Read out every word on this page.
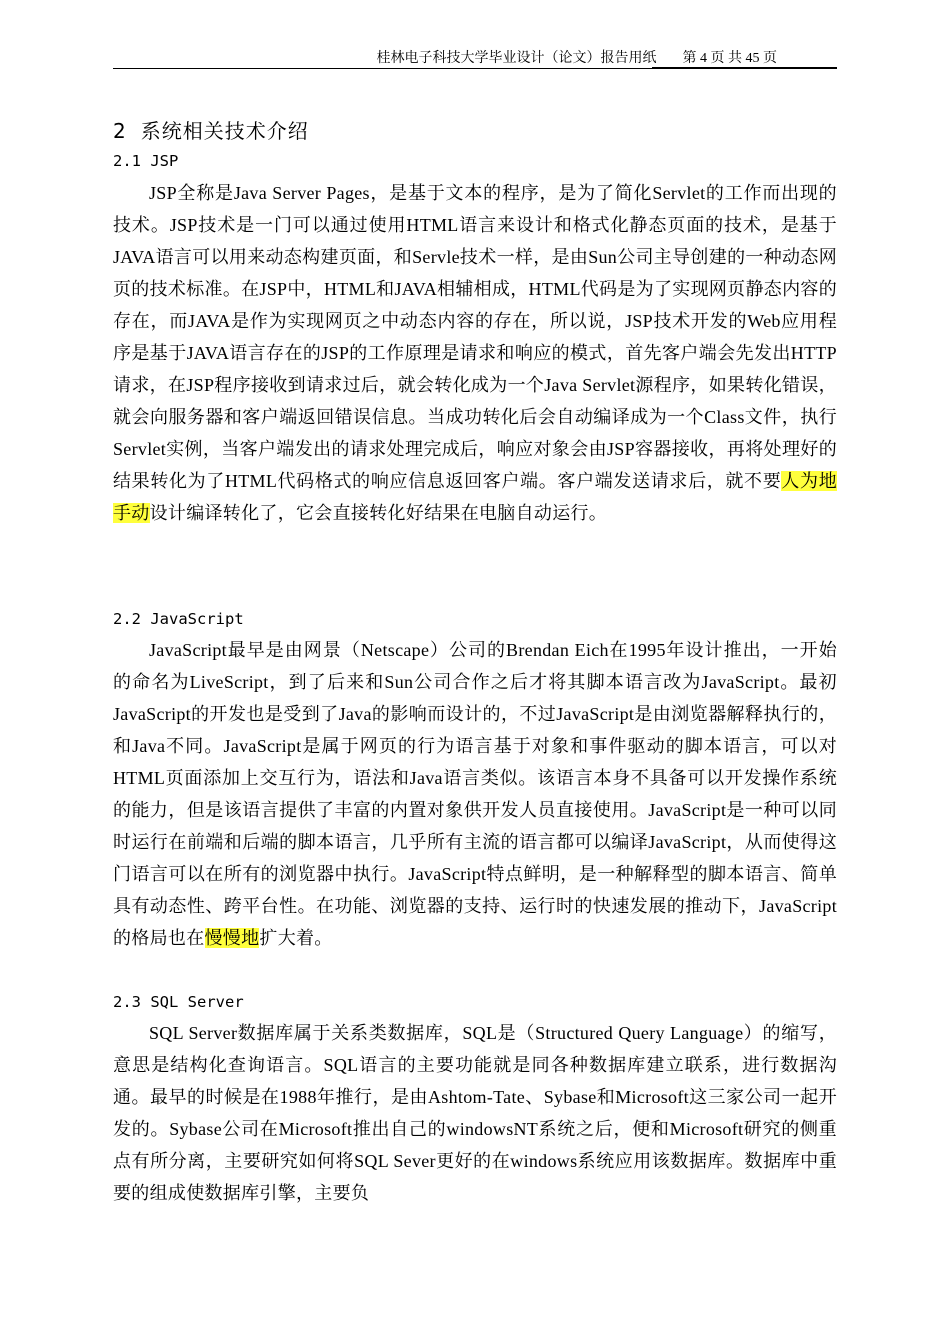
桂林电子科技大学毕业设计（论文）报告用纸 第 4 页 共 45 页
2 系统相关技术介绍
2.1 JSP
JSP全称是Java Server Pages，是基于文本的程序，是为了简化Servlet的工作而出现的技术。JSP技术是一门可以通过使用HTML语言来设计和格式化静态页面的技术，是基于JAVA语言可以用来动态构建页面，和Servle技术一样，是由Sun公司主导创建的一种动态网页的技术标准。在JSP中，HTML和JAVA相辅相成，HTML代码是为了实现网页静态内容的存在，而JAVA是作为实现网页之中动态内容的存在，所以说，JSP技术开发的Web应用程序是基于JAVA语言存在的JSP的工作原理是请求和响应的模式，首先客户端会先发出HTTP请求，在JSP程序接收到请求过后，就会转化成为一个Java Servlet源程序，如果转化错误，就会向服务器和客户端返回错误信息。当成功转化后会自动编译成为一个Class文件，执行Servlet实例，当客户端发出的请求处理完成后，响应对象会由JSP容器接收，再将处理好的结果转化为了HTML代码格式的响应信息返回客户端。客户端发送请求后，就不要人为地手动设计编译转化了，它会直接转化好结果在电脑自动运行。
2.2 JavaScript
JavaScript最早是由网景（Netscape）公司的Brendan Eich在1995年设计推出，一开始的命名为LiveScript，到了后来和Sun公司合作之后才将其脚本语言改为JavaScript。最初JavaScript的开发也是受到了Java的影响而设计的，不过JavaScript是由浏览器解释执行的，和Java不同。JavaScript是属于网页的行为语言基于对象和事件驱动的脚本语言，可以对HTML页面添加上交互行为，语法和Java语言类似。该语言本身不具备可以开发操作系统的能力，但是该语言提供了丰富的内置对象供开发人员直接使用。JavaScript是一种可以同时运行在前端和后端的脚本语言，几乎所有主流的语言都可以编译JavaScript，从而使得这门语言可以在所有的浏览器中执行。JavaScript特点鲜明，是一种解释型的脚本语言、简单具有动态性、跨平台性。在功能、浏览器的支持、运行时的快速发展的推动下，JavaScript的格局也在慢慢地扩大着。
2.3 SQL Server
SQL Server数据库属于关系类数据库，SQL是（Structured Query Language）的缩写，意思是结构化查询语言。SQL语言的主要功能就是同各种数据库建立联系，进行数据沟通。最早的时候是在1988年推行，是由Ashtom-Tate、Sybase和Microsoft这三家公司一起开发的。Sybase公司在Microsoft推出自己的windowsNT系统之后，便和Microsoft研究的侧重点有所分离，主要研究如何将SQL Sever更好的在windows系统应用该数据库。数据库中重要的组成使数据库引擎，主要负
